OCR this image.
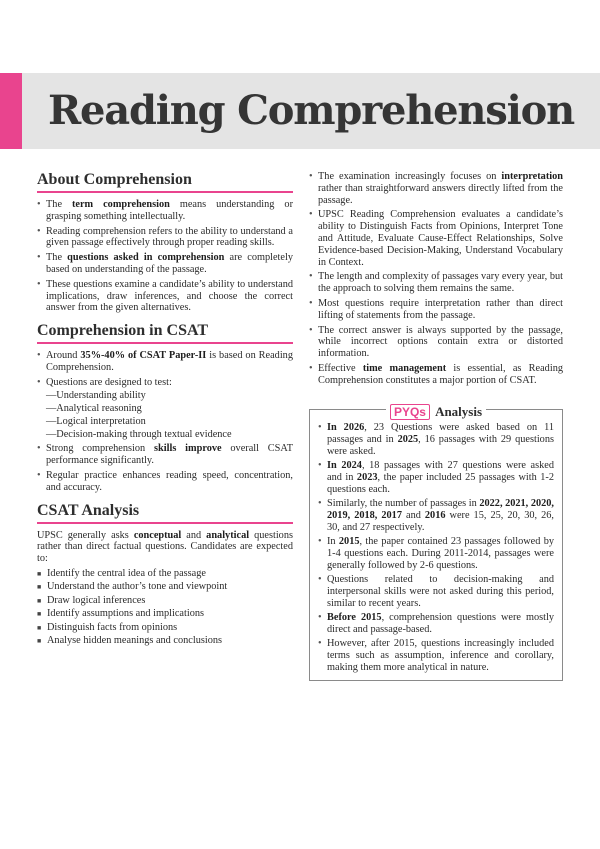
Reading Comprehension
About Comprehension
• The term comprehension means understanding or grasping something intellectually.
• Reading comprehension refers to the ability to understand a given passage effectively through proper reading skills.
• The questions asked in comprehension are completely based on understanding of the passage.
• These questions examine a candidate’s ability to understand implications, draw inferences, and choose the correct answer from the given alternatives.
Comprehension in CSAT
• Around 35%-40% of CSAT Paper-II is based on Reading Comprehension.
• Questions are designed to test:
—Understanding ability
—Analytical reasoning
—Logical interpretation
—Decision-making through textual evidence
• Strong comprehension skills improve overall CSAT performance significantly.
• Regular practice enhances reading speed, concentration, and accuracy.
CSAT Analysis

UPSC generally asks conceptual and analytical questions rather than direct factual questions. Candidates are expected to:

■ Identify the central idea of the passage
■ Understand the author’s tone and viewpoint
■ Draw logical inferences
■ Identify assumptions and implications
■ Distinguish facts from opinions
■ Analyse hidden meanings and conclusions
• The examination increasingly focuses on interpretation rather than straightforward answers directly lifted from the passage.
• UPSC Reading Comprehension evaluates a candidate’s ability to Distinguish Facts from Opinions, Interpret Tone and Attitude, Evaluate Cause-Effect Relationships, Solve Evidence-based Decision-Making, Understand Vocabulary in Context.
• The length and complexity of passages vary every year, but the approach to solving them remains the same.
• Most questions require interpretation rather than direct lifting of statements from the passage.
• The correct answer is always supported by the passage, while incorrect options contain extra or distorted information.
• Effective time management is essential, as Reading Comprehension constitutes a major portion of CSAT.
PYQs Analysis
• In 2026, 23 Questions were asked based on 11 passages and in 2025, 16 passages with 29 questions were asked.
• In 2024, 18 passages with 27 questions were asked and in 2023, the paper included 25 passages with 1-2 questions each.
• Similarly, the number of passages in 2022, 2021, 2020, 2019, 2018, 2017 and 2016 were 15, 25, 20, 30, 26, 30, and 27 respectively.
• In 2015, the paper contained 23 passages followed by 1-4 questions each. During 2011-2014, passages were generally followed by 2-6 questions.
• Questions related to decision-making and interpersonal skills were not asked during this period, similar to recent years.
• Before 2015, comprehension questions were mostly direct and passage-based.
• However, after 2015, questions increasingly included terms such as assumption, inference and corollary, making them more analytical in nature.
